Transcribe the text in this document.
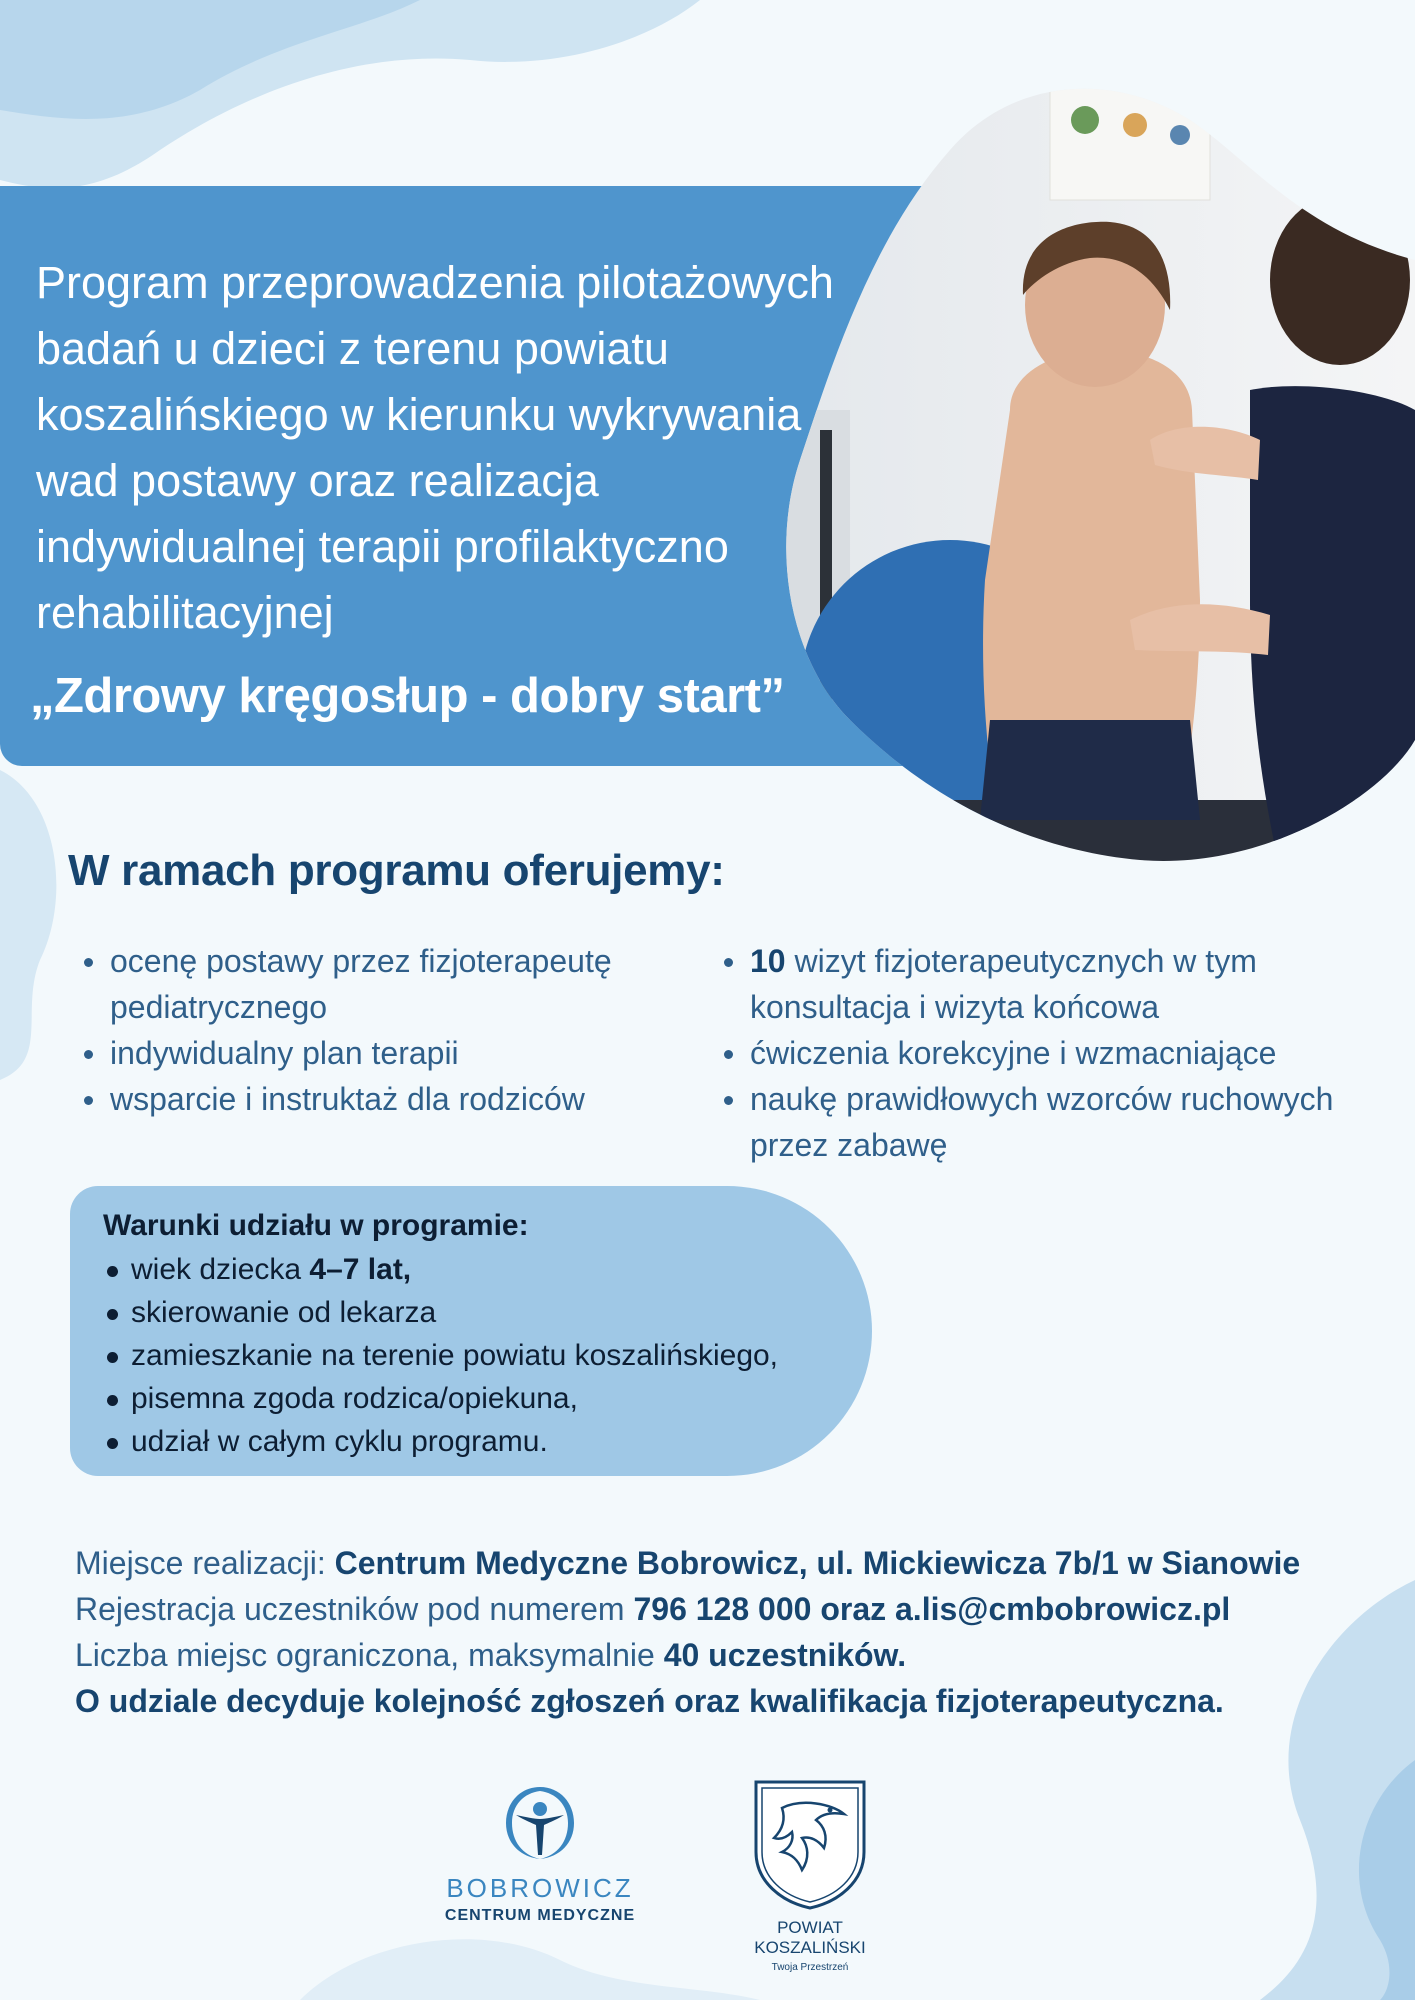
Program przeprowadzenia pilotażowych
badań u dzieci z terenu powiatu
koszalińskiego w kierunku wykrywania
wad postawy oraz realizacja
indywidualnej terapii profilaktyczno
rehabilitacyjnej
„Zdrowy kręgosłup - dobry start”
W ramach programu oferujemy:
ocenę postawy przez fizjoterapeutę pediatrycznego
indywidualny plan terapii
wsparcie i instruktaż dla rodziców
10 wizyt fizjoterapeutycznych w tym konsultacja i wizyta końcowa
ćwiczenia korekcyjne i wzmacniające
naukę prawidłowych wzorców ruchowych przez zabawę
Warunki udziału w programie:
wiek dziecka 4–7 lat,
skierowanie od lekarza
zamieszkanie na terenie powiatu koszalińskiego,
pisemna zgoda rodzica/opiekuna,
udział w całym cyklu programu.
Miejsce realizacji: Centrum Medyczne Bobrowicz, ul. Mickiewicza 7b/1 w Sianowie
Rejestracja uczestników pod numerem 796 128 000 oraz a.lis@cmbobrowicz.pl
Liczba miejsc ograniczona, maksymalnie 40 uczestników.
O udziale decyduje kolejność zgłoszeń oraz kwalifikacja fizjoterapeutyczna.
BOBROWICZ
CENTRUM MEDYCZNE
POWIAT
KOSZALIŃSKI
Twoja Przestrzeń
